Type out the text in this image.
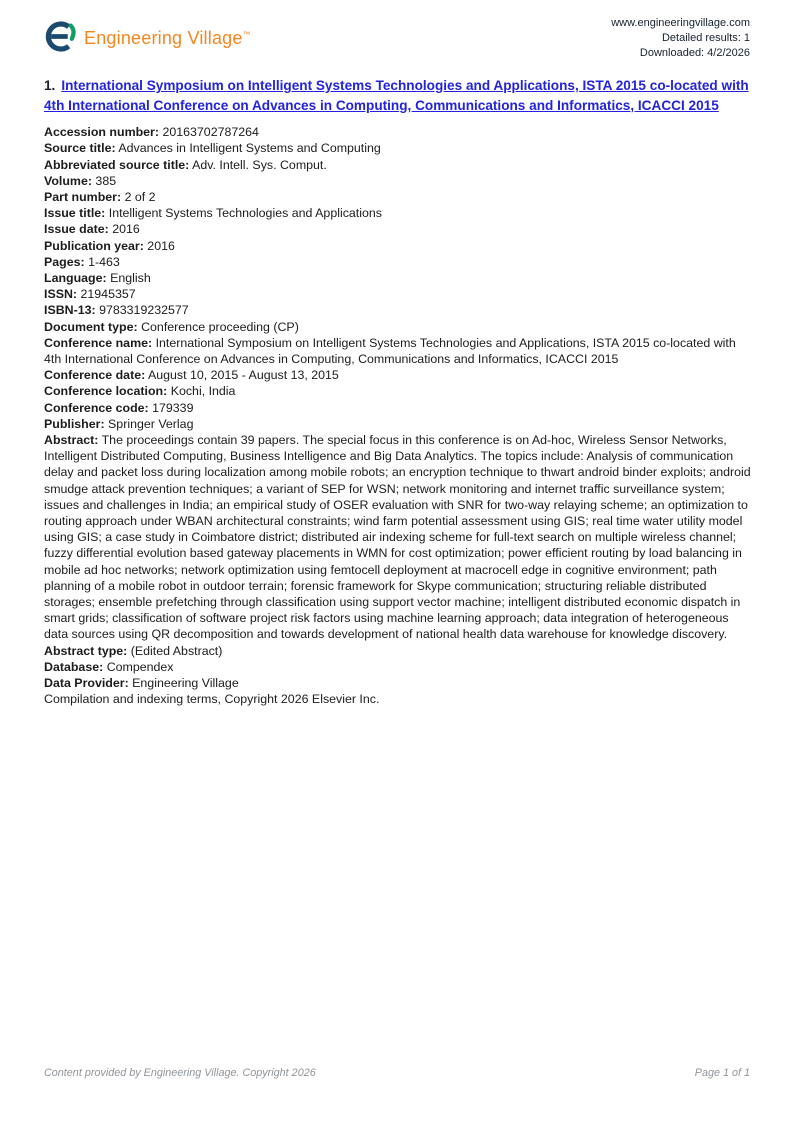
Engineering Village™
www.engineeringvillage.com
Detailed results: 1
Downloaded: 4/2/2026
1. International Symposium on Intelligent Systems Technologies and Applications, ISTA 2015 co-located with 4th International Conference on Advances in Computing, Communications and Informatics, ICACCI 2015
Accession number: 20163702787264
Source title: Advances in Intelligent Systems and Computing
Abbreviated source title: Adv. Intell. Sys. Comput.
Volume: 385
Part number: 2 of 2
Issue title: Intelligent Systems Technologies and Applications
Issue date: 2016
Publication year: 2016
Pages: 1-463
Language: English
ISSN: 21945357
ISBN-13: 9783319232577
Document type: Conference proceeding (CP)
Conference name: International Symposium on Intelligent Systems Technologies and Applications, ISTA 2015 co-located with 4th International Conference on Advances in Computing, Communications and Informatics, ICACCI 2015
Conference date: August 10, 2015 - August 13, 2015
Conference location: Kochi, India
Conference code: 179339
Publisher: Springer Verlag
Abstract: The proceedings contain 39 papers. The special focus in this conference is on Ad-hoc, Wireless Sensor Networks, Intelligent Distributed Computing, Business Intelligence and Big Data Analytics. The topics include: Analysis of communication delay and packet loss during localization among mobile robots; an encryption technique to thwart android binder exploits; android smudge attack prevention techniques; a variant of SEP for WSN; network monitoring and internet traffic surveillance system; issues and challenges in India; an empirical study of OSER evaluation with SNR for two-way relaying scheme; an optimization to routing approach under WBAN architectural constraints; wind farm potential assessment using GIS; real time water utility model using GIS; a case study in Coimbatore district; distributed air indexing scheme for full-text search on multiple wireless channel; fuzzy differential evolution based gateway placements in WMN for cost optimization; power efficient routing by load balancing in mobile ad hoc networks; network optimization using femtocell deployment at macrocell edge in cognitive environment; path planning of a mobile robot in outdoor terrain; forensic framework for Skype communication; structuring reliable distributed storages; ensemble prefetching through classification using support vector machine; intelligent distributed economic dispatch in smart grids; classification of software project risk factors using machine learning approach; data integration of heterogeneous data sources using QR decomposition and towards development of national health data warehouse for knowledge discovery.
Abstract type: (Edited Abstract)
Database: Compendex
Data Provider: Engineering Village
Compilation and indexing terms, Copyright 2026 Elsevier Inc.
Content provided by Engineering Village. Copyright 2026	Page 1 of 1
